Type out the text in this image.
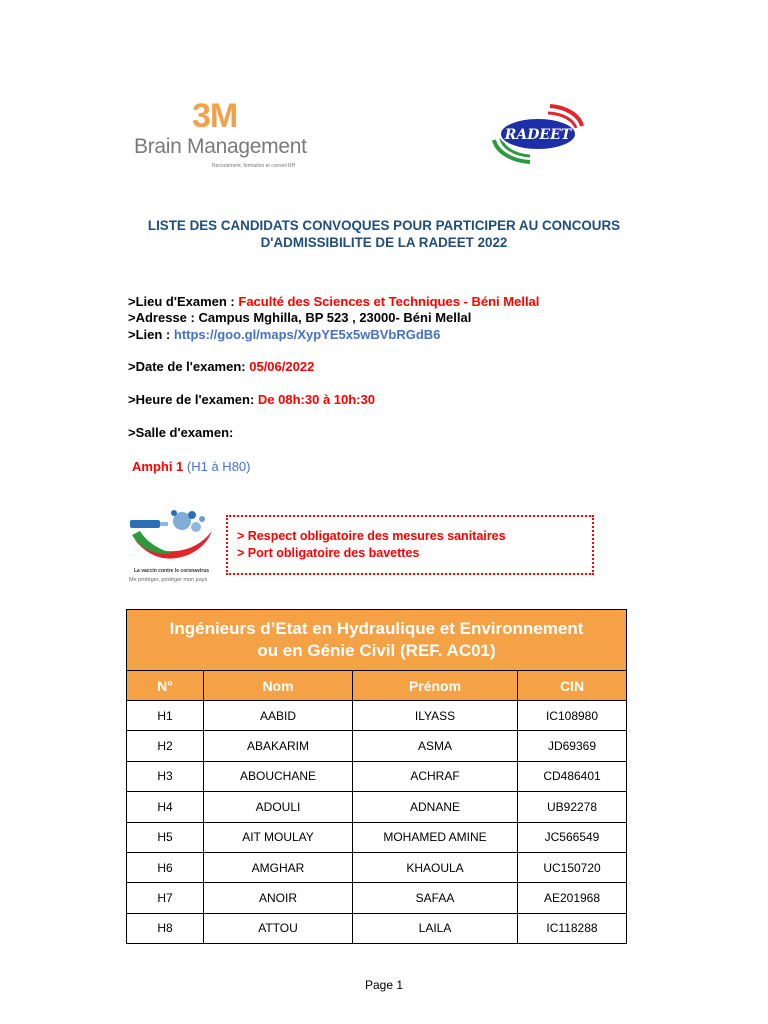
3M
Brain Management
Recrutement, formation et conseil RH
RADEET
LISTE DES CANDIDATS CONVOQUES POUR PARTICIPER AU CONCOURS
D'ADMISSIBILITE DE LA RADEET 2022
>Lieu d'Examen : Faculté des Sciences et Techniques - Béni Mellal
>Adresse : Campus Mghilla, BP 523 , 23000- Béni Mellal
>Lien : https://goo.gl/maps/XypYE5x5wBVbRGdB6
>Date de l'examen: 05/06/2022
>Heure de l'examen: De 08h:30 à 10h:30
>Salle d'examen:
Amphi 1 (H1 à H80)
La vaccin contre le coronavirus
Me protéger, protéger mon pays
> Respect obligatoire des mesures sanitaires
> Port obligatoire des bavettes
Ingénieurs d’Etat en Hydraulique et Environnement
ou en Génie Civil (REF. AC01)			

N°	Nom	Prénom	CIN
H1	AABID	ILYASS	IC108980
H2	ABAKARIM	ASMA	JD69369
H3	ABOUCHANE	ACHRAF	CD486401
H4	ADOULI	ADNANE	UB92278
H5	AIT MOULAY	MOHAMED AMINE	JC566549
H6	AMGHAR	KHAOULA	UC150720
H7	ANOIR	SAFAA	AE201968
H8	ATTOU	LAILA	IC118288
Page 1
